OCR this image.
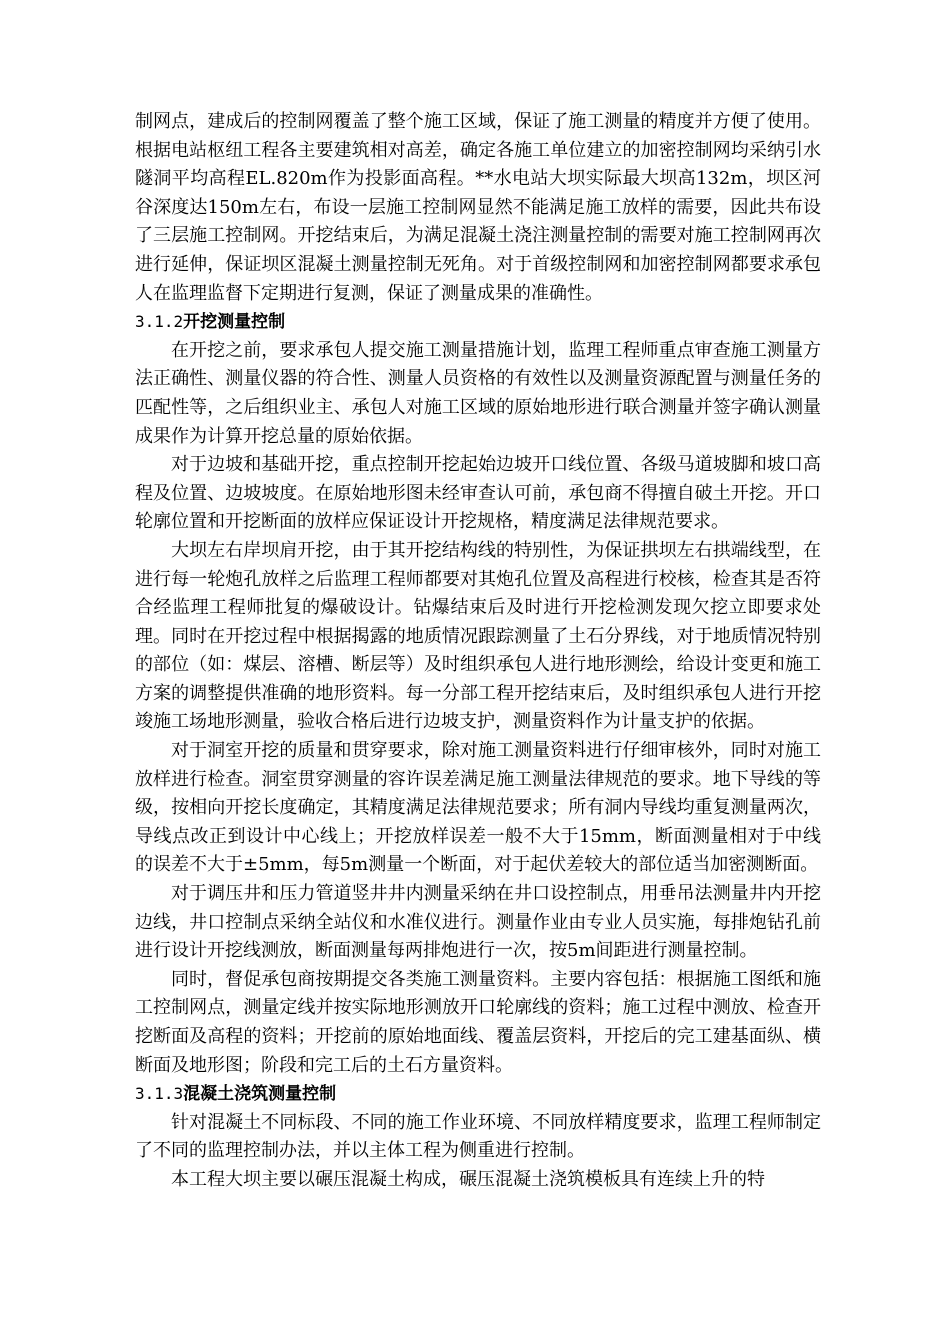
制网点，建成后的控制网覆盖了整个施工区域，保证了施工测量的精度并方便了使用。根据电站枢纽工程各主要建筑相对高差，确定各施工单位建立的加密控制网均采纳引水隧洞平均高程EL.820m作为投影面高程。**水电站大坝实际最大坝高132m，坝区河谷深度达150m左右，布设一层施工控制网显然不能满足施工放样的需要，因此共布设了三层施工控制网。开挖结束后，为满足混凝土浇注测量控制的需要对施工控制网再次进行延伸，保证坝区混凝土测量控制无死角。对于首级控制网和加密控制网都要求承包人在监理监督下定期进行复测，保证了测量成果的准确性。

3.1.2开挖测量控制

在开挖之前，要求承包人提交施工测量措施计划，监理工程师重点审查施工测量方法正确性、测量仪器的符合性、测量人员资格的有效性以及测量资源配置与测量任务的匹配性等，之后组织业主、承包人对施工区域的原始地形进行联合测量并签字确认测量成果作为计算开挖总量的原始依据。

对于边坡和基础开挖，重点控制开挖起始边坡开口线位置、各级马道坡脚和坡口高程及位置、边坡坡度。在原始地形图未经审查认可前，承包商不得擅自破土开挖。开口轮廓位置和开挖断面的放样应保证设计开挖规格，精度满足法律规范要求。

大坝左右岸坝肩开挖，由于其开挖结构线的特别性，为保证拱坝左右拱端线型，在进行每一轮炮孔放样之后监理工程师都要对其炮孔位置及高程进行校核，检查其是否符合经监理工程师批复的爆破设计。钻爆结束后及时进行开挖检测发现欠挖立即要求处理。同时在开挖过程中根据揭露的地质情况跟踪测量了土石分界线，对于地质情况特别的部位（如：煤层、溶槽、断层等）及时组织承包人进行地形测绘，给设计变更和施工方案的调整提供准确的地形资料。每一分部工程开挖结束后，及时组织承包人进行开挖竣施工场地形测量，验收合格后进行边坡支护，测量资料作为计量支护的依据。

对于洞室开挖的质量和贯穿要求，除对施工测量资料进行仔细审核外，同时对施工放样进行检查。洞室贯穿测量的容许误差满足施工测量法律规范的要求。地下导线的等级，按相向开挖长度确定，其精度满足法律规范要求；所有洞内导线均重复测量两次，导线点改正到设计中心线上；开挖放样误差一般不大于15mm，断面测量相对于中线的误差不大于±5mm，每5m测量一个断面，对于起伏差较大的部位适当加密测断面。

对于调压井和压力管道竖井井内测量采纳在井口设控制点，用垂吊法测量井内开挖边线，井口控制点采纳全站仪和水准仪进行。测量作业由专业人员实施，每排炮钻孔前进行设计开挖线测放，断面测量每两排炮进行一次，按5m间距进行测量控制。

同时，督促承包商按期提交各类施工测量资料。主要内容包括：根据施工图纸和施工控制网点，测量定线并按实际地形测放开口轮廓线的资料；施工过程中测放、检查开挖断面及高程的资料；开挖前的原始地面线、覆盖层资料，开挖后的完工建基面纵、横断面及地形图；阶段和完工后的土石方量资料。

3.1.3混凝土浇筑测量控制

针对混凝土不同标段、不同的施工作业环境、不同放样精度要求，监理工程师制定了不同的监理控制办法，并以主体工程为侧重进行控制。

本工程大坝主要以碾压混凝土构成，碾压混凝土浇筑模板具有连续上升的特
